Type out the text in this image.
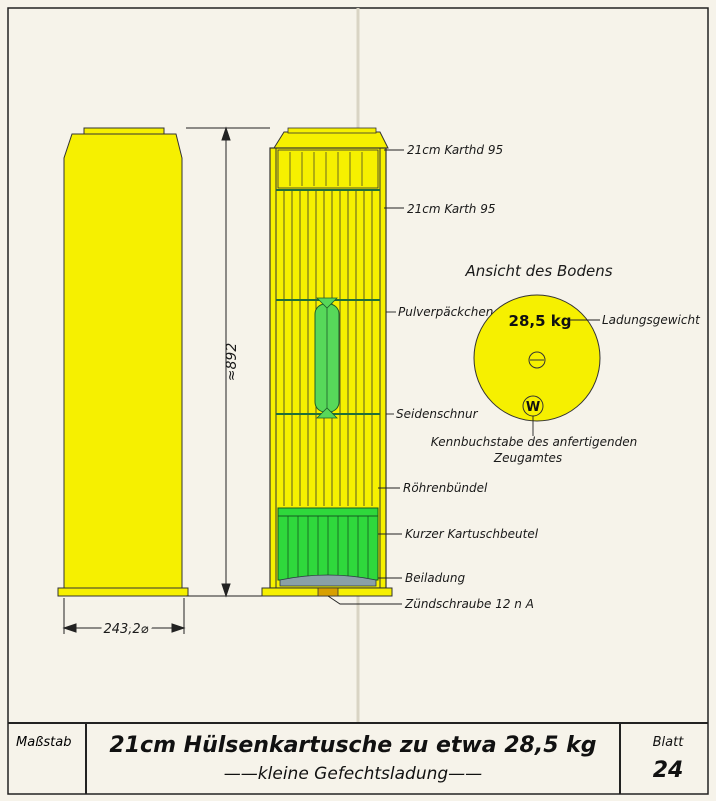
≈892
243,2⌀
21cm Karthd 95
21cm Karth 95
Pulverpäckchen
Seidenschnur
Röhrenbündel
Kurzer Kartuschbeutel
Beiladung
Zündschraube 12 n A
Ansicht des Bodens
28,5 kg
W
Ladungsgewicht
Kennbuchstabe des anfertigenden
Zeugamtes
Maßstab	21cm Hülsenkartusche zu etwa 28,5 kg
——kleine Gefechtsladung——
Blatt
24
